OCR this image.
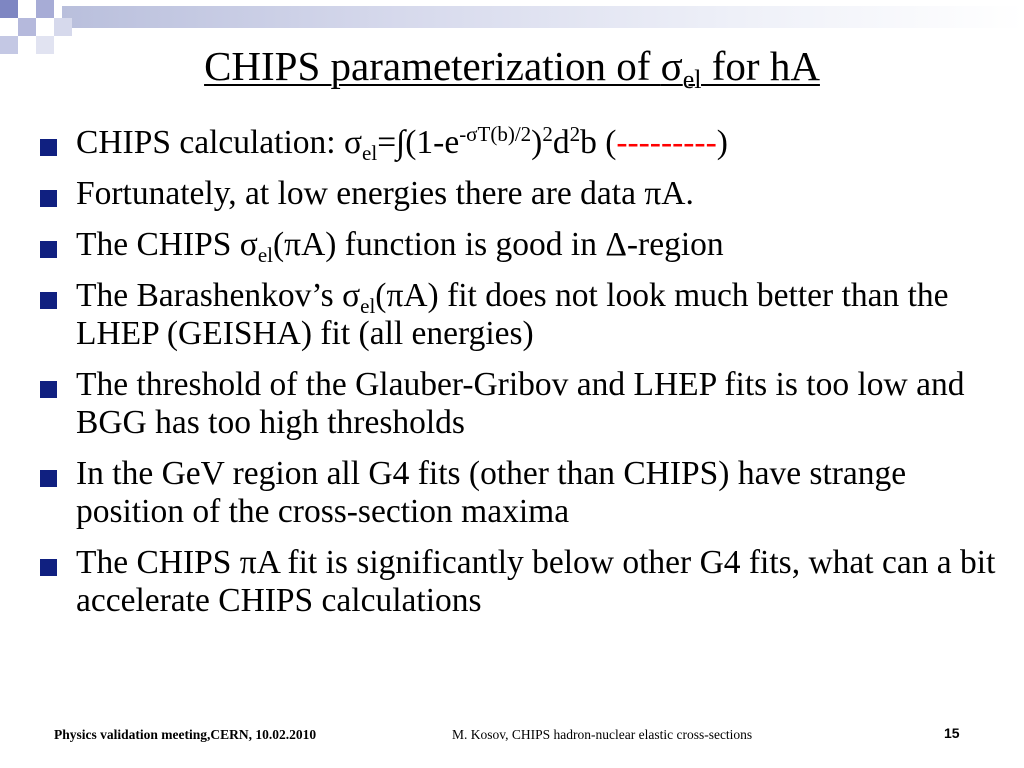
CHIPS parameterization of $\sigma_{el}$ for hA
CHIPS calculation: $\sigma_{el}=\int(1-e^{-\sigma T(b)/2})^2d^2b$ (---------)
Fortunately, at low energies there are data πA.
The CHIPS $\sigma_{el}(\pi A)$ function is good in Δ-region
The Barashenkov’s $\sigma_{el}(\pi A)$ fit does not look much better than the LHEP (GEISHA) fit (all energies)
The threshold of the Glauber-Gribov and LHEP fits is too low and BGG has too high thresholds
In the GeV region all G4 fits (other than CHIPS) have strange position of the cross-section maxima
The CHIPS πA fit is significantly below other G4 fits, what can a bit accelerate CHIPS calculations
Physics validation meeting,CERN, 10.02.2010	M. Kosov, CHIPS hadron-nuclear elastic cross-sections	15
